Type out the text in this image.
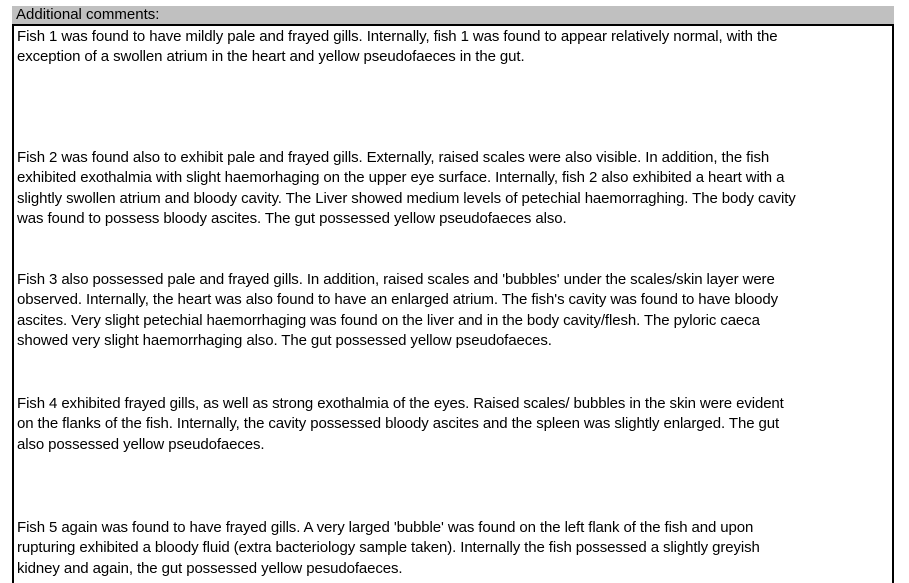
Additional comments:
Fish 1 was found to have mildly pale and frayed gills. Internally, fish 1 was found to appear relatively normal, with the
exception of a swollen atrium in the heart and yellow pseudofaeces in the gut.
Fish 2 was found also to exhibit pale and frayed gills. Externally, raised scales were also visible. In addition, the fish
exhibited exothalmia with slight haemorhaging on the upper eye surface. Internally, fish 2 also exhibited a heart with a
slightly swollen atrium and bloody cavity. The Liver showed medium levels of petechial haemorraghing. The body cavity
was found to possess bloody ascites. The gut possessed yellow pseudofaeces also.
Fish 3 also possessed pale and frayed gills. In addition, raised scales and 'bubbles' under the scales/skin layer were
observed. Internally, the heart was also found to have an enlarged atrium. The fish's cavity was found to have bloody
ascites. Very slight petechial haemorrhaging was found on the liver and in the body cavity/flesh. The pyloric caeca
showed very slight haemorrhaging also. The gut possessed yellow pseudofaeces.
Fish 4 exhibited frayed gills, as well as strong exothalmia of the eyes. Raised scales/ bubbles in the skin were evident
on the flanks of the fish. Internally, the cavity possessed bloody ascites and the spleen was slightly enlarged. The gut
also possessed yellow pseudofaeces.
Fish 5 again was found to have frayed gills. A very larged 'bubble' was found on the left flank of the fish and upon
rupturing exhibited a bloody fluid (extra bacteriology sample taken). Internally the fish possessed a slightly greyish
kidney and again, the gut possessed yellow pesudofaeces.
